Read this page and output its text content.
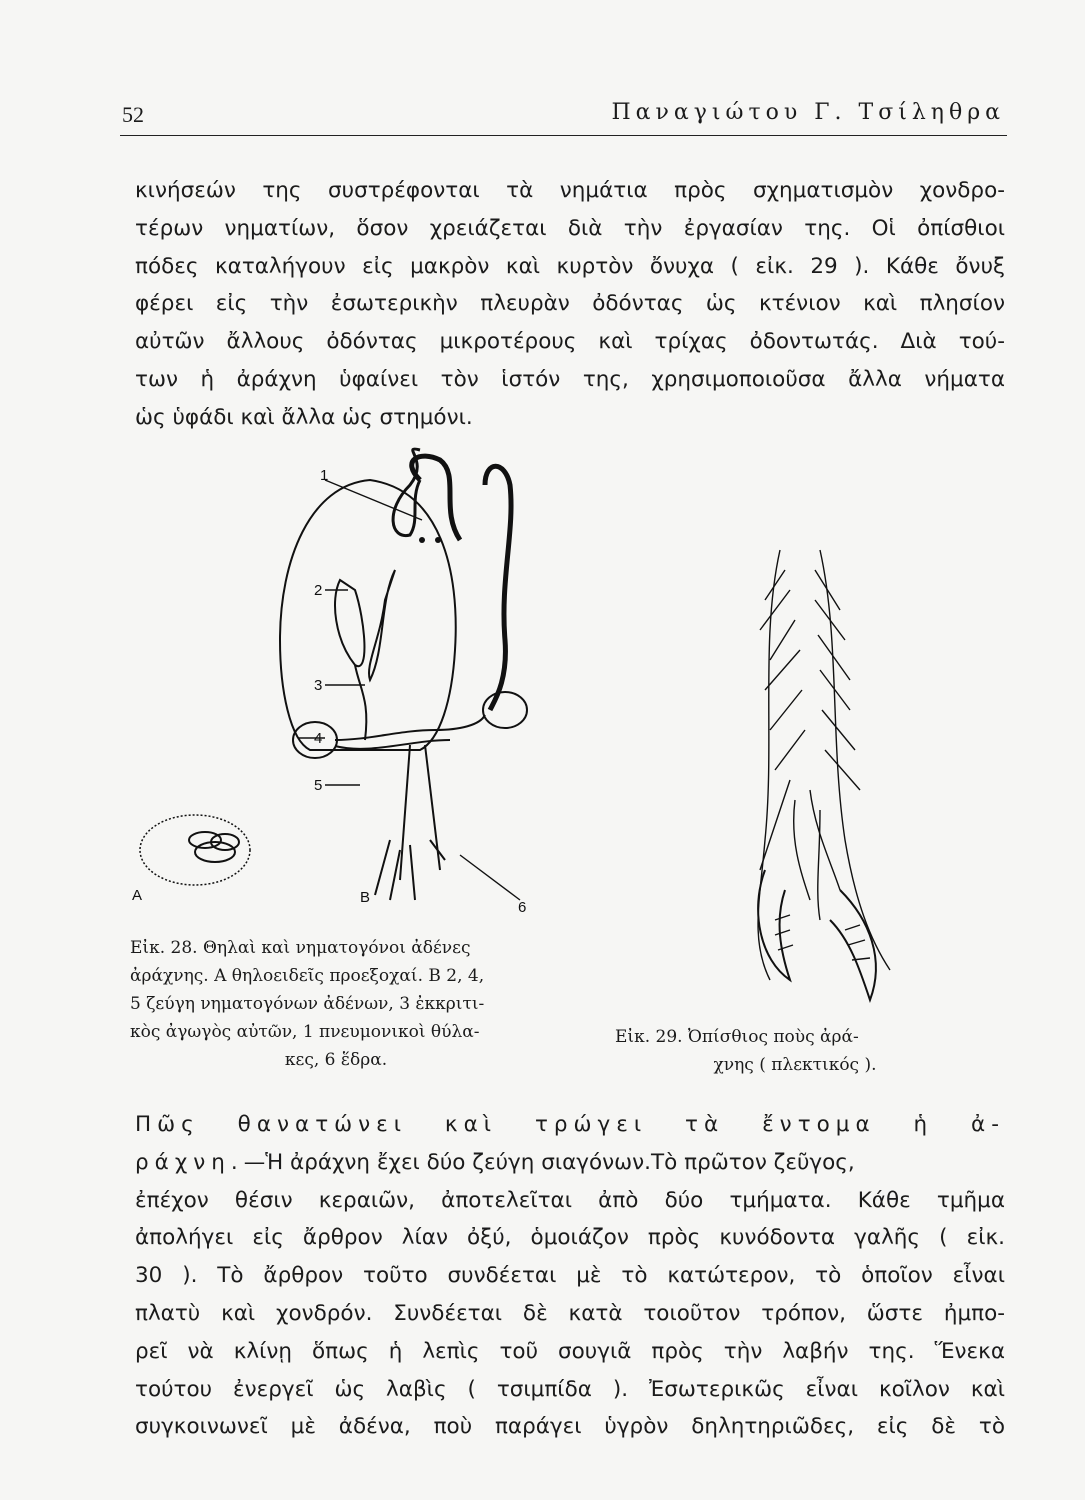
52	Παναγιώτου Γ. Τσίληθρα
κινήσεών της συστρέφονται τὰ νημάτια πρὸς σχηματισμὸν χονδρο-
τέρων νηματίων, ὅσον χρειάζεται διὰ τὴν ἐργασίαν της. Οἱ ὀπίσθιοι
πόδες καταλήγουν εἰς μακρὸν καὶ κυρτὸν ὄνυχα ( εἰκ. 29 ). Κάθε ὄνυξ
φέρει εἰς τὴν ἐσωτερικὴν πλευρὰν ὀδόντας ὡς κτένιον καὶ πλησίον
αὐτῶν ἄλλους ὀδόντας μικροτέρους καὶ τρίχας ὀδοντωτάς. Διὰ τού-
των ἡ ἀράχνη ὑφαίνει τὸν ἱστόν της, χρησιμοποιοῦσα ἄλλα νήματα
ὡς ὑφάδι καὶ ἄλλα ὡς στημόνι.
1
2
3
4
5
6
A	B
Εἰκ. 28. Θηλαὶ καὶ νηματογόνοι ἀδένες
ἀράχνης. Α θηλοειδεῖς προεξοχαί. Β 2, 4,
5 ζεύγη νηματογόνων ἀδένων, 3 ἐκκριτι-
κὸς ἀγωγὸς αὐτῶν, 1 πνευμονικοὶ θύλα-
κες, 6 ἕδρα.
Εἰκ. 29. Ὀπίσθιος ποὺς ἀρά-
χνης ( πλεκτικός ).
Πῶς θανατώνει καὶ τρώγει τὰ ἔντομα ἡ ἀ-
ράχνη.—Ἡ ἀράχνη ἔχει δύο ζεύγη σιαγόνων.Τὸ πρῶτον ζεῦγος,
ἐπέχον θέσιν κεραιῶν, ἀποτελεῖται ἀπὸ δύο τμήματα. Κάθε τμῆμα
ἀπολήγει εἰς ἄρθρον λίαν ὀξύ, ὁμοιάζον πρὸς κυνόδοντα γαλῆς ( εἰκ.
30 ). Τὸ ἄρθρον τοῦτο συνδέεται μὲ τὸ κατώτερον, τὸ ὁποῖον εἶναι
πλατὺ καὶ χονδρόν. Συνδέεται δὲ κατὰ τοιοῦτον τρόπον, ὥστε ἠμπο-
ρεῖ νὰ κλίνῃ ὅπως ἡ λεπὶς τοῦ σουγιᾶ πρὸς τὴν λαβήν της. Ἕνεκα
τούτου ἐνεργεῖ ὡς λαβὶς ( τσιμπίδα ). Ἐσωτερικῶς εἶναι κοῖλον καὶ
συγκοινωνεῖ μὲ ἀδένα, ποὺ παράγει ὑγρὸν δηλητηριῶδες, εἰς δὲ τὸ
